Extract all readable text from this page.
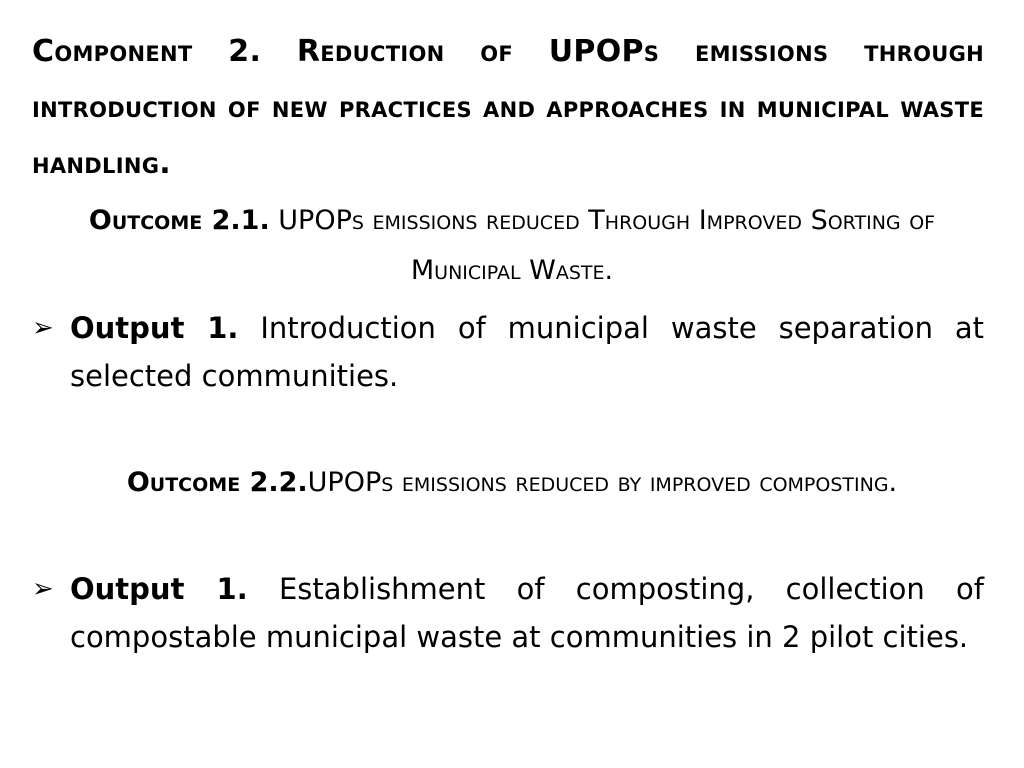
Component 2. Reduction of UPOPs emissions through introduction of new practices and approaches in municipal waste handling.
Outcome 2.1. UPOPs emissions reduced Through Improved Sorting of Municipal Waste.
➢ Output 1. Introduction of municipal waste separation at selected communities.
Outcome 2.2.UPOPs emissions reduced by improved composting.
➢ Output 1. Establishment of composting, collection of compostable municipal waste at communities in 2 pilot cities.
